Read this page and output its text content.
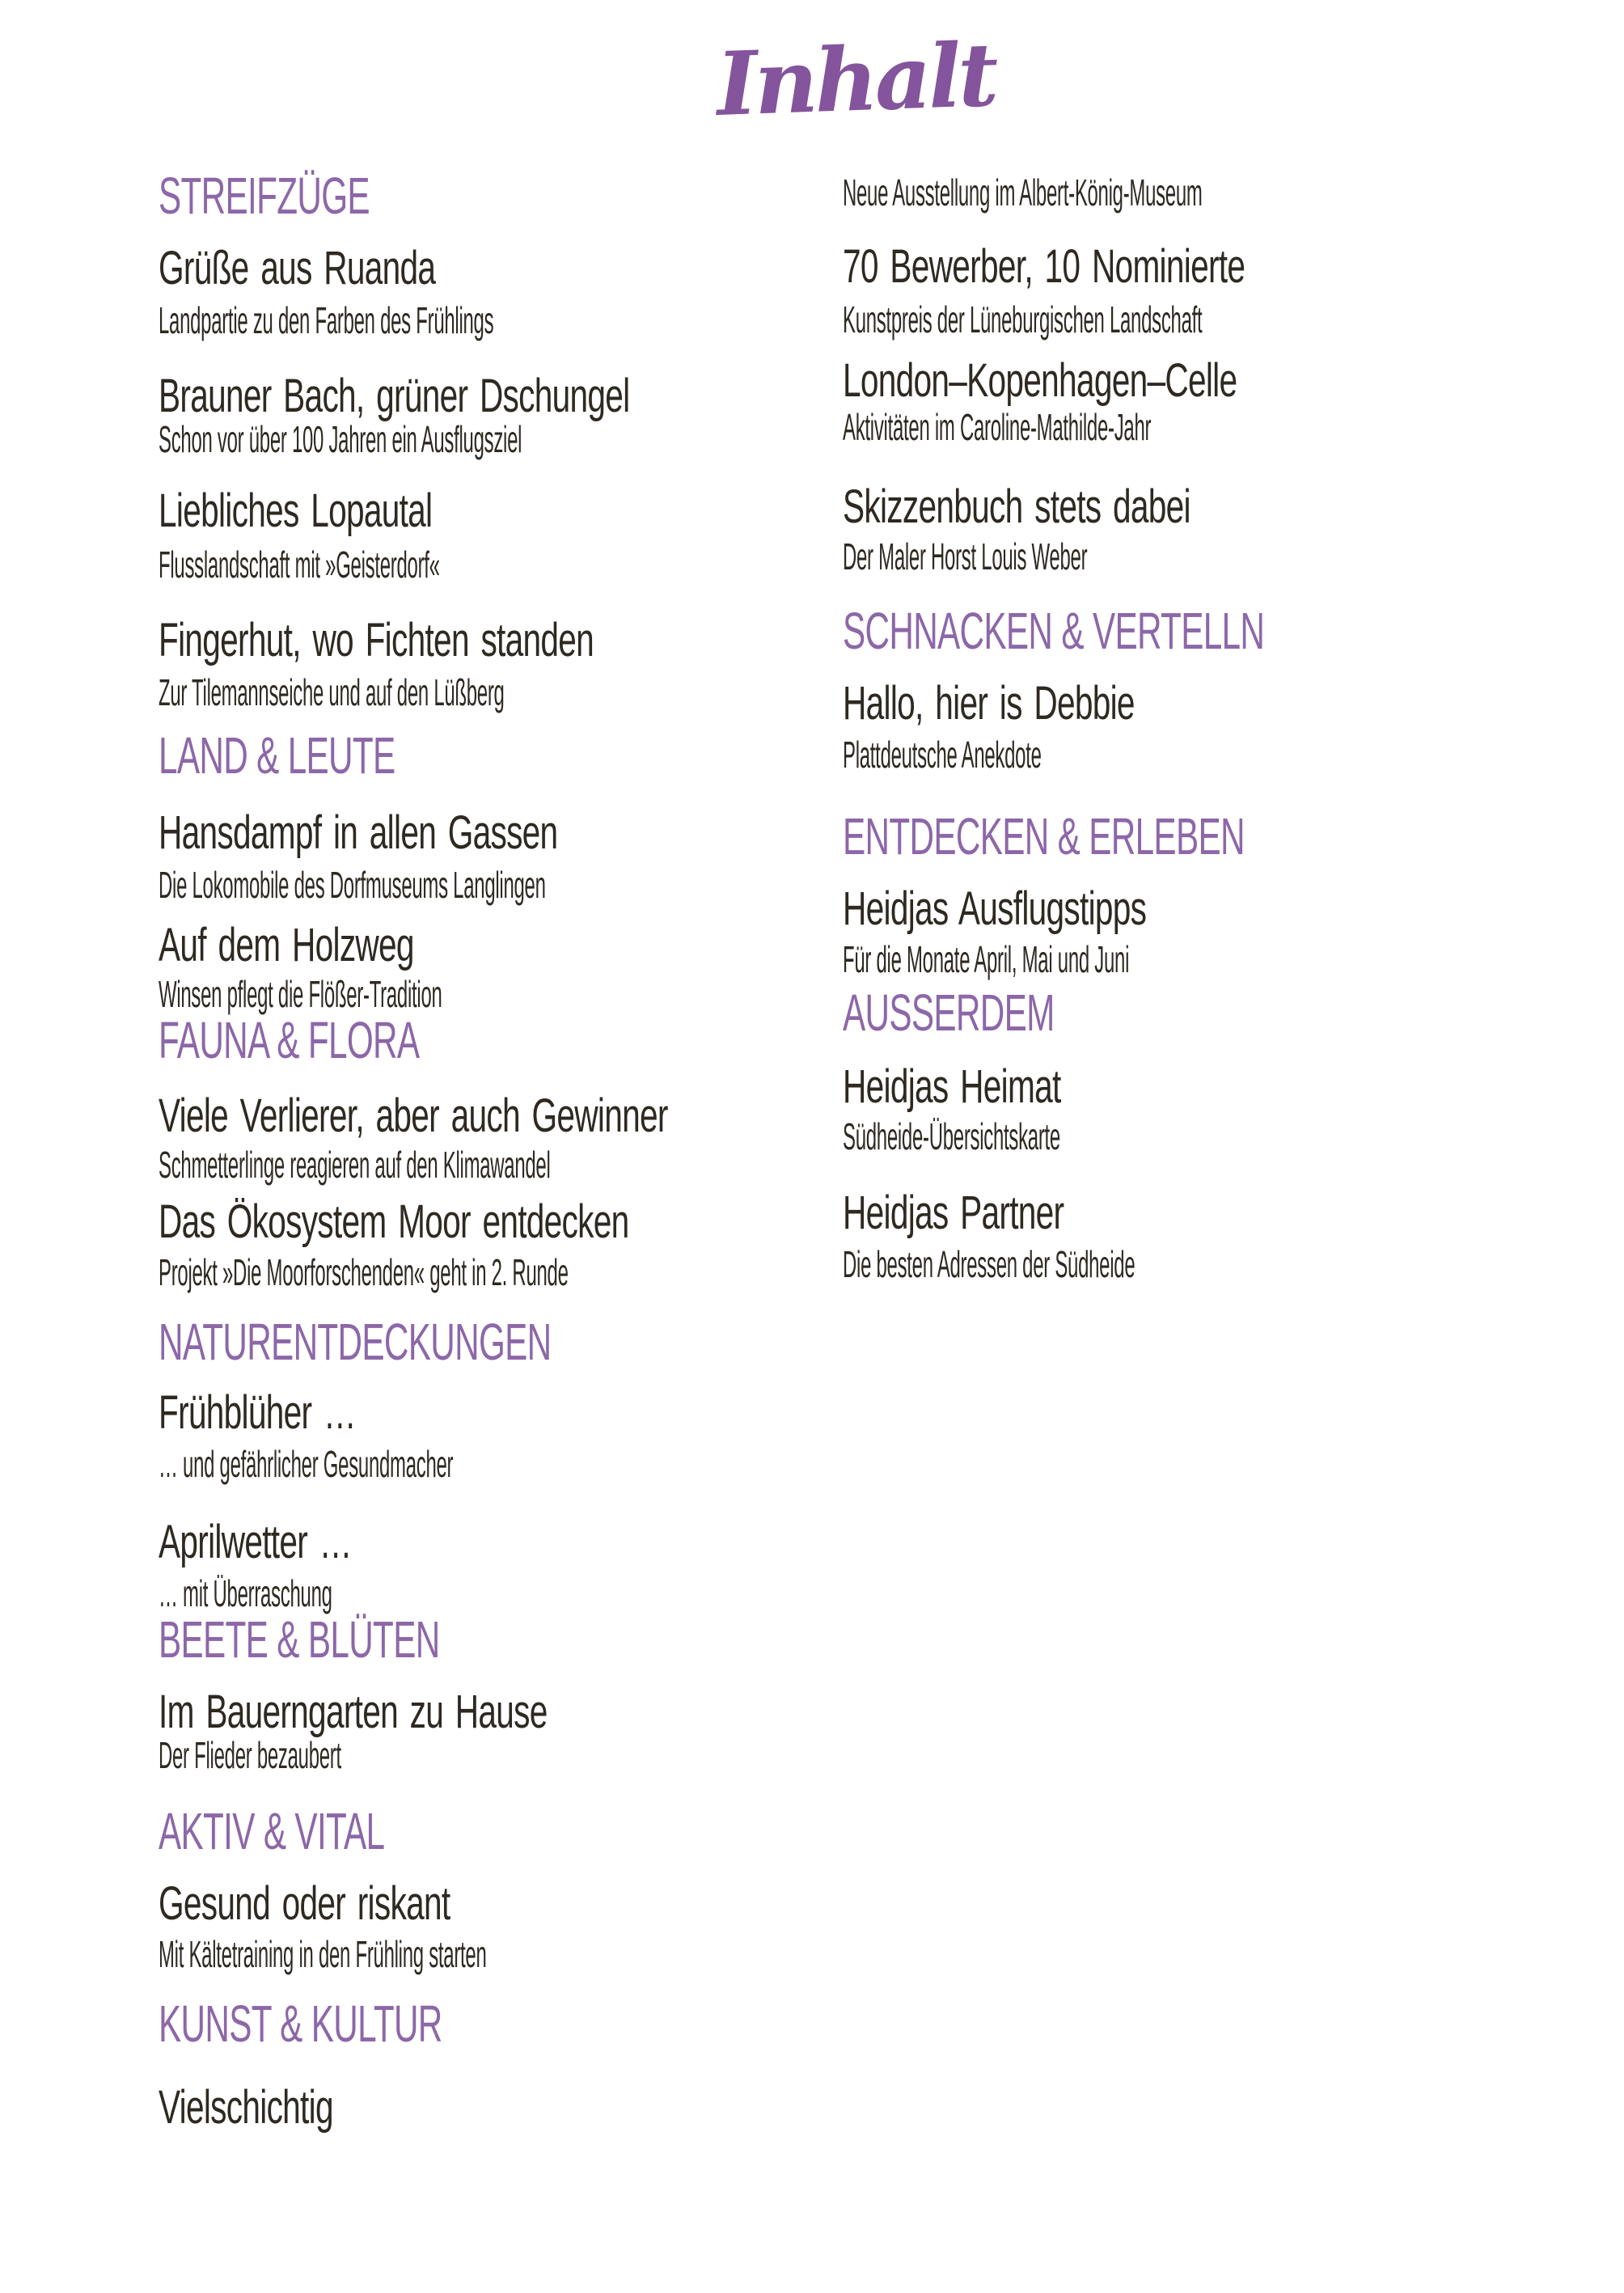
Inhalt
STREIFZÜGE
Grüße aus Ruanda
Landpartie zu den Farben des Frühlings
Brauner Bach, grüner Dschungel
Schon vor über 100 Jahren ein Ausflugsziel
Liebliches Lopautal
Flusslandschaft mit »Geisterdorf«
Fingerhut, wo Fichten standen
Zur Tilemannseiche und auf den Lüßberg
LAND & LEUTE
Hansdampf in allen Gassen
Die Lokomobile des Dorfmuseums Langlingen
Auf dem Holzweg
Winsen pflegt die Flößer-Tradition
FAUNA & FLORA
Viele Verlierer, aber auch Gewinner
Schmetterlinge reagieren auf den Klimawandel
Das Ökosystem Moor entdecken
Projekt »Die Moorforschenden« geht in 2. Runde
NATURENTDECKUNGEN
Frühblüher …
… und gefährlicher Gesundmacher
Aprilwetter …
… mit Überraschung
BEETE & BLÜTEN
Im Bauerngarten zu Hause
Der Flieder bezaubert
AKTIV & VITAL
Gesund oder riskant
Mit Kältetraining in den Frühling starten
KUNST & KULTUR
Vielschichtig
Neue Ausstellung im Albert-König-Museum
70 Bewerber, 10 Nominierte
Kunstpreis der Lüneburgischen Landschaft
London–Kopenhagen–Celle
Aktivitäten im Caroline-Mathilde-Jahr
Skizzenbuch stets dabei
Der Maler Horst Louis Weber
SCHNACKEN & VERTELLN
Hallo, hier is Debbie
Plattdeutsche Anekdote
ENTDECKEN & ERLEBEN
Heidjas Ausflugstipps
Für die Monate April, Mai und Juni
AUSSERDEM
Heidjas Heimat
Südheide-Übersichtskarte
Heidjas Partner
Die besten Adressen der Südheide
